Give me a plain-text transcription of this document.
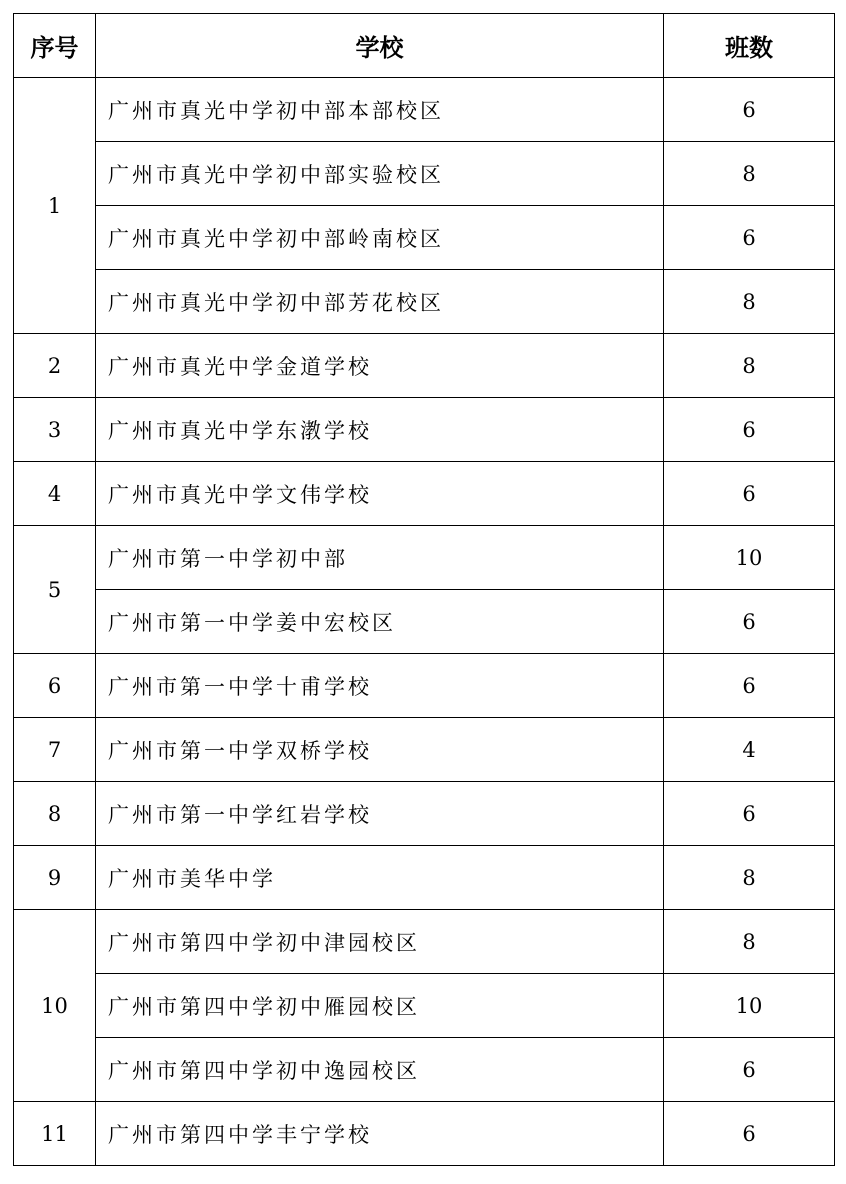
序号	学校	班数
1	广州市真光中学初中部本部校区	6
	广州市真光中学初中部实验校区	8
	广州市真光中学初中部岭南校区	6
	广州市真光中学初中部芳花校区	8
2	广州市真光中学金道学校	8
3	广州市真光中学东漖学校	6
4	广州市真光中学文伟学校	6
5	广州市第一中学初中部	10
	广州市第一中学姜中宏校区	6
6	广州市第一中学十甫学校	6
7	广州市第一中学双桥学校	4
8	广州市第一中学红岩学校	6
9	广州市美华中学	8
10	广州市第四中学初中津园校区	8
	广州市第四中学初中雁园校区	10
	广州市第四中学初中逸园校区	6
11	广州市第四中学丰宁学校	6
